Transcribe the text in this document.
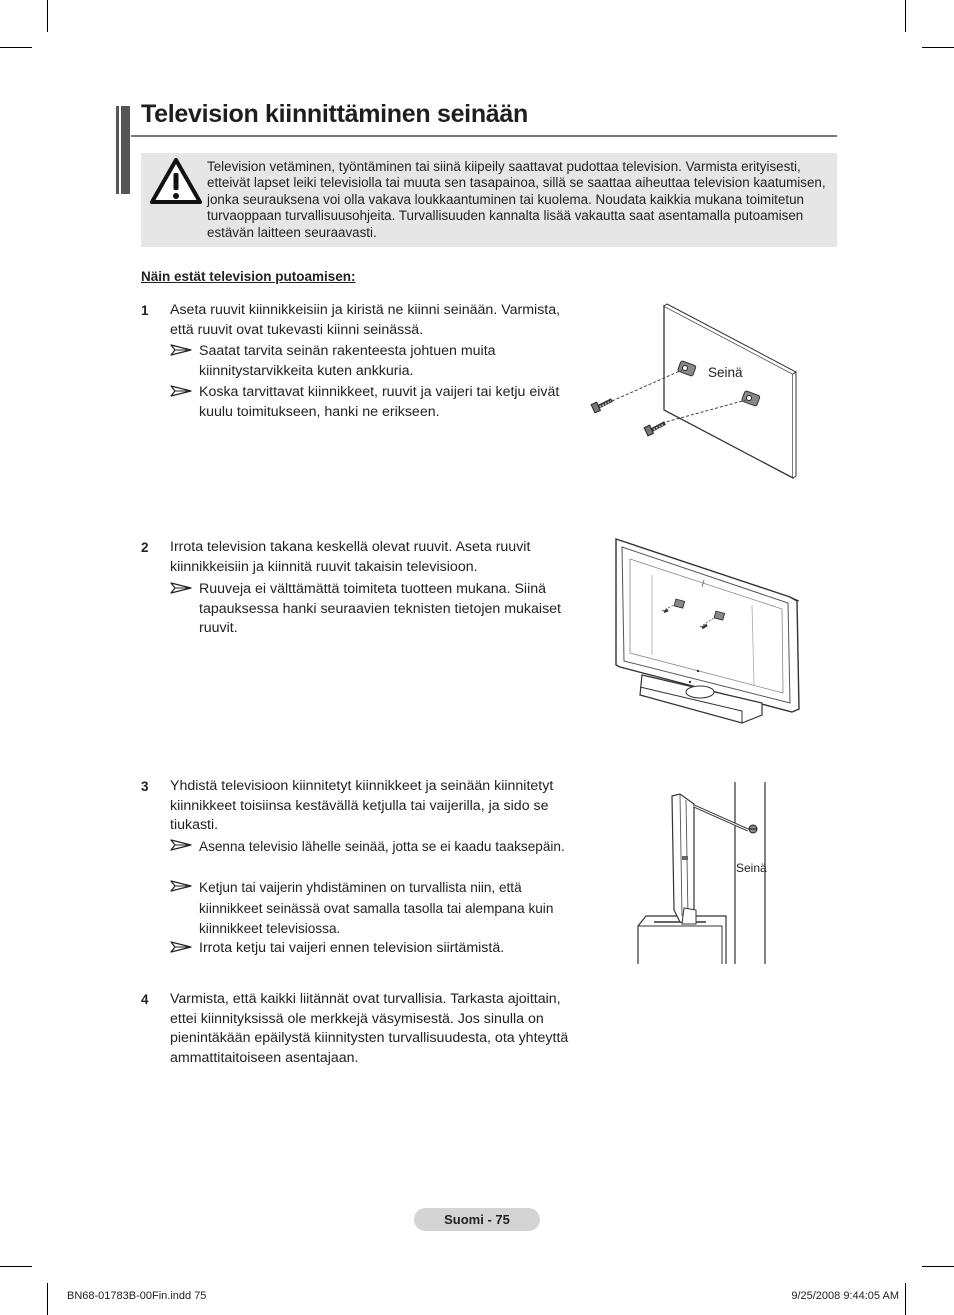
Television kiinnittäminen seinään
Television vetäminen, työntäminen tai siinä kiipeily saattavat pudottaa television. Varmista erityisesti, etteivät lapset leiki televisiolla tai muuta sen tasapainoa, sillä se saattaa aiheuttaa television kaatumisen, jonka seurauksena voi olla vakava loukkaantuminen tai kuolema. Noudata kaikkia mukana toimitetun turvaoppaan turvallisuusohjeita. Turvallisuuden kannalta lisää vakautta saat asentamalla putoamisen estävän laitteen seuraavasti.
Näin estät television putoamisen:
1 Aseta ruuvit kiinnikkeisiin ja kiristä ne kiinni seinään. Varmista, että ruuvit ovat tukevasti kiinni seinässä.
Saatat tarvita seinän rakenteesta johtuen muita kiinnitystarvikkeita kuten ankkuria.
Koska tarvittavat kiinnikkeet, ruuvit ja vaijeri tai ketju eivät kuulu toimitukseen, hanki ne erikseen.
Seinä
2 Irrota television takana keskellä olevat ruuvit. Aseta ruuvit kiinnikkeisiin ja kiinnitä ruuvit takaisin televisioon.
Ruuveja ei välttämättä toimiteta tuotteen mukana. Siinä tapauksessa hanki seuraavien teknisten tietojen mukaiset ruuvit.
3 Yhdistä televisioon kiinnitetyt kiinnikkeet ja seinään kiinnitetyt kiinnikkeet toisiinsa kestävällä ketjulla tai vaijerilla, ja sido se tiukasti.
Asenna televisio lähelle seinää, jotta se ei kaadu taaksepäin.
Ketjun tai vaijerin yhdistäminen on turvallista niin, että kiinnikkeet seinässä ovat samalla tasolla tai alempana kuin kiinnikkeet televisiossa.
Irrota ketju tai vaijeri ennen television siirtämistä.
Seinä
4 Varmista, että kaikki liitännät ovat turvallisia. Tarkasta ajoittain, ettei kiinnityksissä ole merkkejä väsymisestä. Jos sinulla on pienintäkään epäilystä kiinnitysten turvallisuudesta, ota yhteyttä ammattitaitoiseen asentajaan.
Suomi - 75
BN68-01783B-00Fin.indd 75	9/25/2008 9:44:05 AM
